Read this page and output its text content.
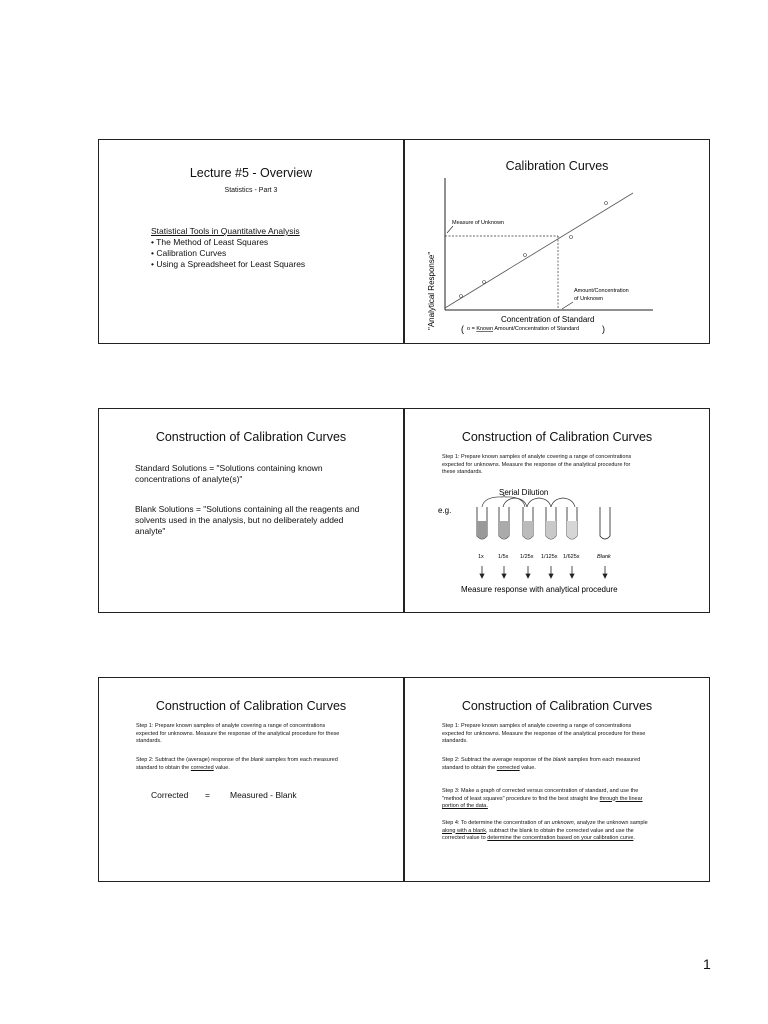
Lecture #5 - Overview
Statistics - Part 3
Statistical Tools in Quantitative Analysis
• The Method of Least Squares
• Calibration Curves
• Using a Spreadsheet for Least Squares
Calibration Curves
"Analytical Response"
Measure of Unknown
Amount/Concentration
of Unknown
Concentration of Standard
( o = Known Amount/Concentration of Standard	)
Construction of Calibration Curves
Standard Solutions = "Solutions containing known concentrations of analyte(s)"
Blank Solutions = "Solutions containing all the reagents and solvents used in the analysis, but no deliberately added analyte"
Construction of Calibration Curves
Step 1: Prepare known samples of analyte covering a range of concentrations expected for unknowns. Measure the response of the analytical procedure for these standards.
Serial Dilution
e.g.
1x	1/5x 1/25x 1/125x 1/625x	Blank
Measure response with analytical procedure
Construction of Calibration Curves
Step 1: Prepare known samples of analyte covering a range of concentrations expected for unknowns. Measure the response of the analytical procedure for these standards.
Step 2: Subtract the (average) response of the blank samples from each measured standard to obtain the corrected value.
Corrected = Measured - Blank
Construction of Calibration Curves
Step 1: Prepare known samples of analyte covering a range of concentrations expected for unknowns. Measure the response of the analytical procedure for these standards.
Step 2: Subtract the average response of the blank samples from each measured standard to obtain the corrected value.
Step 3: Make a graph of corrected versus concentration of standard, and use the "method of least squares" procedure to find the best straight line through the linear portion of the data.
Step 4: To determine the concentration of an unknown, analyze the unknown sample along with a blank, subtract the blank to obtain the corrected value and use the corrected value to determine the concentration based on your calibration curve.
1
